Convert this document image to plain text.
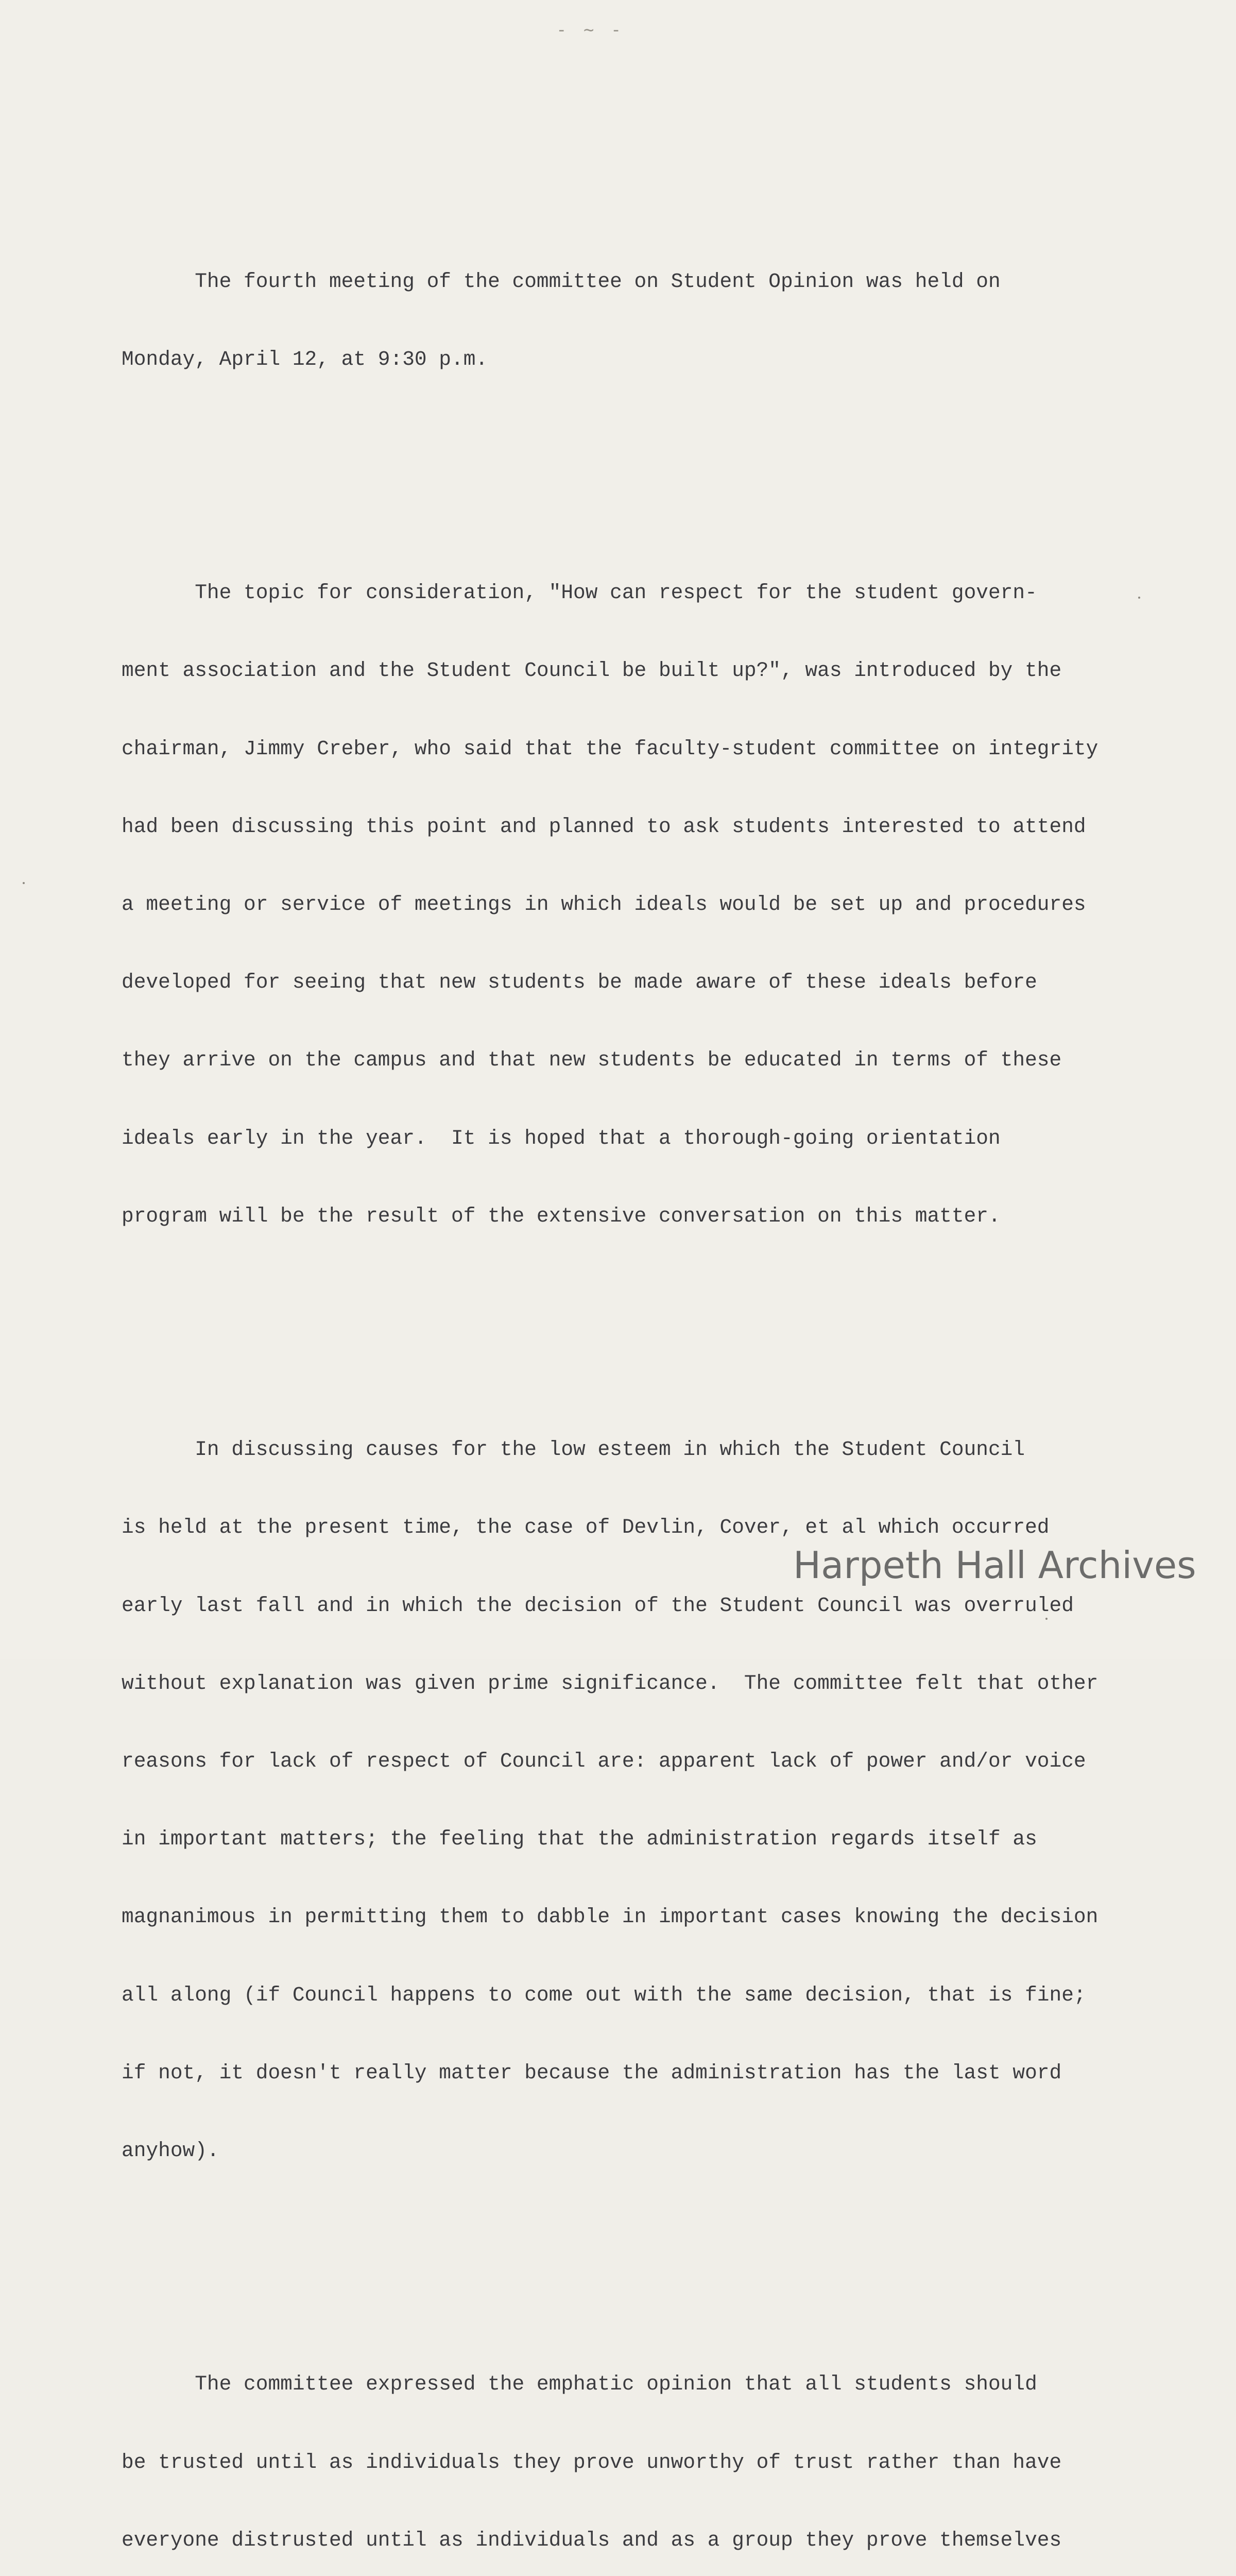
- ~ -

The fourth meeting of the committee on Student Opinion was held on

Monday, April 12, at 9:30 p.m.

The topic for consideration, "How can respect for the student govern-

ment association and the Student Council be built up?", was introduced by the

chairman, Jimmy Creber, who said that the faculty-student committee on integrity

had been discussing this point and planned to ask students interested to attend

a meeting or service of meetings in which ideals would be set up and procedures

developed for seeing that new students be made aware of these ideals before

they arrive on the campus and that new students be educated in terms of these

ideals early in the year.  It is hoped that a thorough-going orientation

program will be the result of the extensive conversation on this matter.

In discussing causes for the low esteem in which the Student Council

is held at the present time, the case of Devlin, Cover, et al which occurred

early last fall and in which the decision of the Student Council was overruled

without explanation was given prime significance.  The committee felt that other

reasons for lack of respect of Council are: apparent lack of power and/or voice

in important matters; the feeling that the administration regards itself as

magnanimous in permitting them to dabble in important cases knowing the decision

all along (if Council happens to come out with the same decision, that is fine;

if not, it doesn't really matter because the administration has the last word

anyhow).

The committee expressed the emphatic opinion that all students should

be trusted until as individuals they prove unworthy of trust rather than have

everyone distrusted until as individuals and as a group they prove themselves

Harpeth Hall Archives
